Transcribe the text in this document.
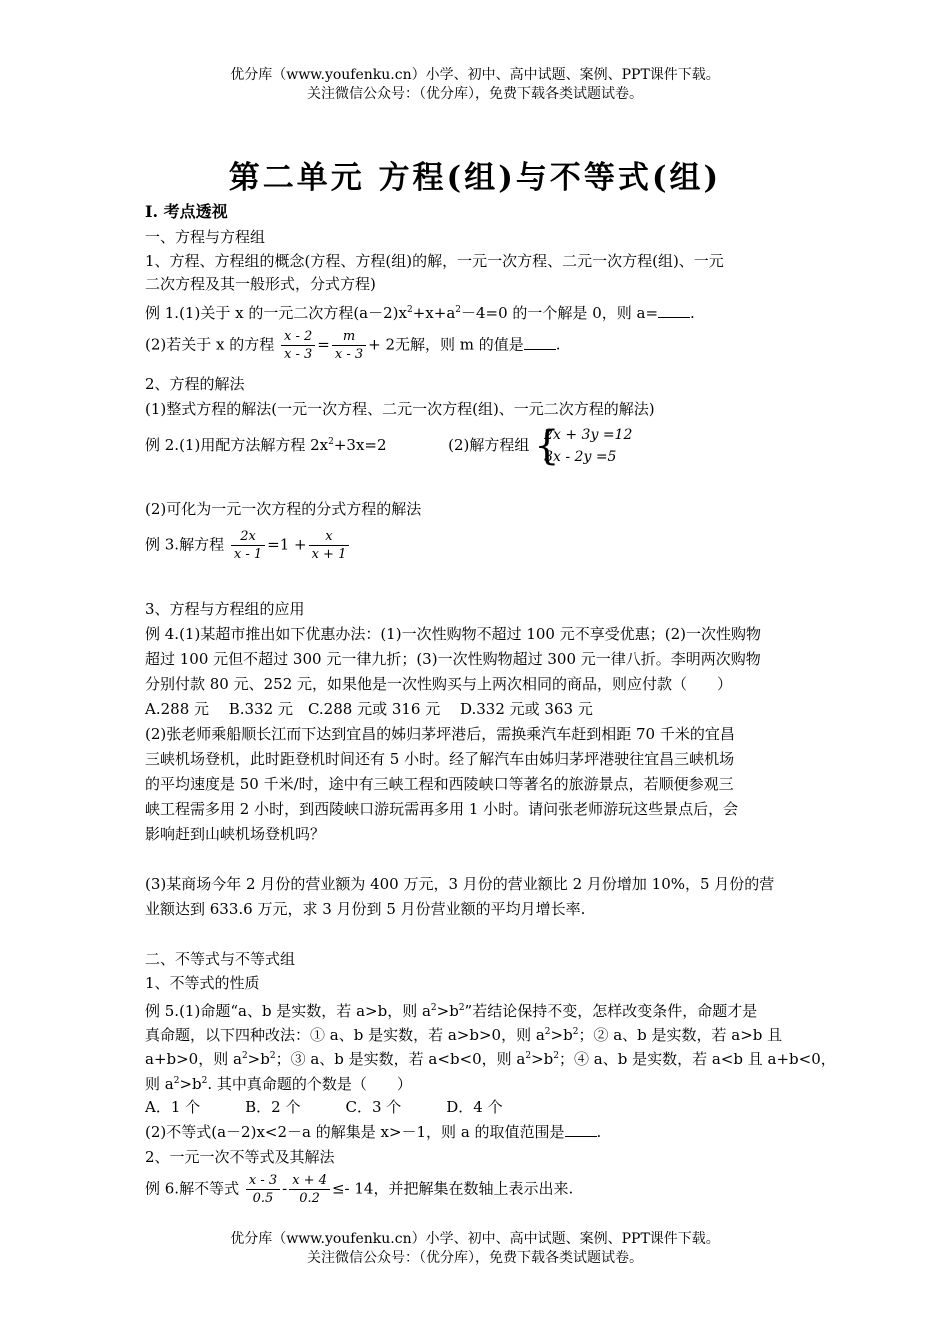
优分库（www.youfenku.cn）小学、初中、高中试题、案例、PPT课件下载。
关注微信公众号：（优分库），免费下载各类试题试卷。
第二单元 方程(组)与不等式(组)
Ⅰ. 考点透视
一、方程与方程组
1、方程、方程组的概念(方程、方程(组)的解，一元一次方程、二元一次方程(组)、一元
二次方程及其一般形式，分式方程)
例 1.(1)关于 x 的一元二次方程$(a-2)x^2+x+a^2-4=0$ 的一个解是 0，则 a= .
(2)若关于 x 的方程 $\frac{x - 2}{x - 3} = \frac{m}{x - 3} + 2$无解，则 m 的值是 .
2、方程的解法
(1)整式方程的解法(一元一次方程、二元一次方程(组)、一元二次方程的解法)
例 2.(1)用配方法解方程 $2x^2+3x=2$	(2)解方程组 {
2x + 3y =12
3x - 2y =5
(2)可化为一元一次方程的分式方程的解法
例 3.解方程 $\frac{2x}{x - 1} =1 + \frac{x}{x + 1}$
3、方程与方程组的应用
例 4.(1)某超市推出如下优惠办法：(1)一次性购物不超过 100 元不享受优惠；(2)一次性购物
超过 100 元但不超过 300 元一律九折；(3)一次性购物超过 300 元一律八折。李明两次购物
分别付款 80 元、252 元，如果他是一次性购买与上两次相同的商品，则应付款（　　）
A.288 元　 B.332 元　C.288 元或 316 元　 D.332 元或 363 元
(2)张老师乘船顺长江而下达到宜昌的姊归茅坪港后，需换乘汽车赶到相距 70 千米的宜昌
三峡机场登机，此时距登机时间还有 5 小时。经了解汽车由姊归茅坪港驶往宜昌三峡机场
的平均速度是 50 千米/时，途中有三峡工程和西陵峡口等著名的旅游景点，若顺便参观三
峡工程需多用 2 小时，到西陵峡口游玩需再多用 1 小时。请问张老师游玩这些景点后，会
影响赶到山峡机场登机吗？
(3)某商场今年 2 月份的营业额为 400 万元，3 月份的营业额比 2 月份增加 10%，5 月份的营
业额达到 633.6 万元，求 3 月份到 5 月份营业额的平均月增长率.
二、不等式与不等式组
1、不等式的性质
例 5.(1)命题“a、b 是实数，若 a>b，则 $a^2>b^2$”若结论保持不变，怎样改变条件，命题才是
真命题，以下四种改法：① a、b 是实数，若 a>b>0，则 $a^2>b^2$；② a、b 是实数，若 a>b 且
a+b>0，则 $a^2>b^2$；③ a、b 是实数，若 a<b<0，则 $a^2>b^2$；④ a、b 是实数，若 a<b 且 a+b<0，
则 $a^2>b^2$. 其中真命题的个数是（　　）
A．1 个　　　B．2 个　　　C．3 个　　　D．4 个
(2)不等式(a－2)x<2－a 的解集是 x>－1，则 a 的取值范围是 .
2、一元一次不等式及其解法
例 6.解不等式 $\frac{x - 3}{0.5} - \frac{x + 4}{0.2} \le- 14$，并把解集在数轴上表示出来.
优分库（www.youfenku.cn）小学、初中、高中试题、案例、PPT课件下载。
关注微信公众号：（优分库），免费下载各类试题试卷。
